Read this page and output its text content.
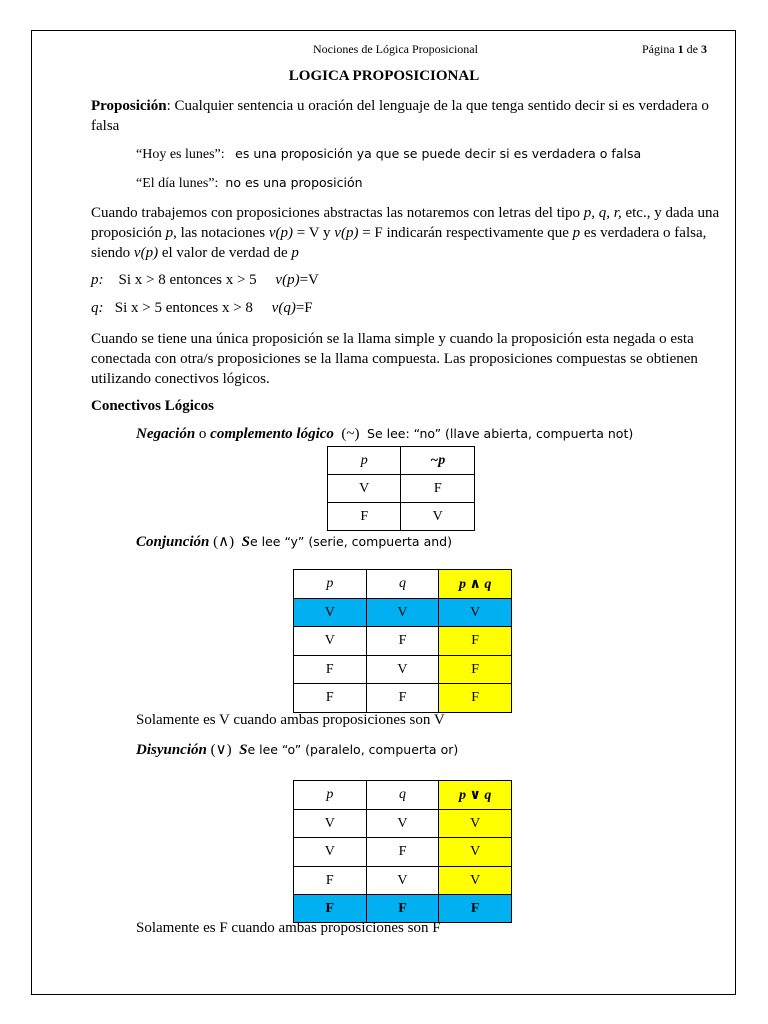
Nociones de Lógica Proposicional	Página 1 de 3
LOGICA PROPOSICIONAL
Proposición: Cualquier sentencia u oración del lenguaje de la que tenga sentido decir si es verdadera o falsa
“Hoy es lunes”: es una proposición ya que se puede decir si es verdadera o falsa
“El día lunes”: no es una proposición
Cuando trabajemos con proposiciones abstractas las notaremos con letras del tipo p, q, r, etc., y dada una proposición p, las notaciones v(p) = V y v(p) = F indicarán respectivamente que p es verdadera o falsa, siendo v(p) el valor de verdad de p
p: Si x > 8 entonces x > 5 v(p)=V
q: Si x > 5 entonces x > 8 v(q)=F
Cuando se tiene una única proposición se la llama simple y cuando la proposición esta negada o esta conectada con otra/s proposiciones se la llama compuesta. Las proposiciones compuestas se obtienen utilizando conectivos lógicos.
Conectivos Lógicos
Negación o complemento lógico (~) Se lee: “no” (llave abierta, compuerta not)
p	~p
V	F
F	V
Conjunción (∧) Se lee “y” (serie, compuerta and)
p	q	p ∧ q
V	V	V
V	F	F
F	V	F
F	F	F
Solamente es V cuando ambas proposiciones son V
Disyunción (∨) Se lee “o” (paralelo, compuerta or)
p	q	p ∨ q
V	V	V
V	F	V
F	V	V
F	F	F
Solamente es F cuando ambas proposiciones son F
